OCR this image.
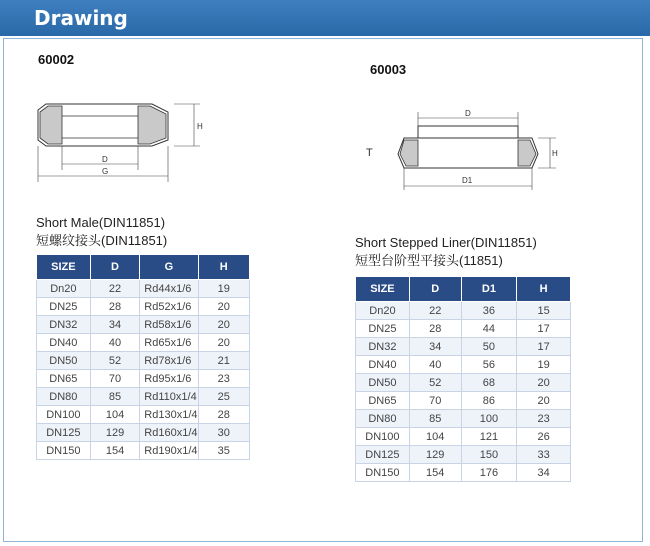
Drawing
60002
D
G
H
Short Male(DIN11851)
短螺纹接头(DIN11851)
SIZE	D	G	H
Dn20	22	Rd44x1/6	19
DN25	28	Rd52x1/6	20
DN32	34	Rd58x1/6	20
DN40	40	Rd65x1/6	20
DN50	52	Rd78x1/6	21
DN65	70	Rd95x1/6	23
DN80	85	Rd110x1/4	25
DN100	104	Rd130x1/4	28
DN125	129	Rd160x1/4	30
DN150	154	Rd190x1/4	35
60003
D
D1
H
T
Short Stepped Liner(DIN11851)
短型台阶型平接头(11851)
SIZE	D	D1	H
Dn20	22	36	15
DN25	28	44	17
DN32	34	50	17
DN40	40	56	19
DN50	52	68	20
DN65	70	86	20
DN80	85	100	23
DN100	104	121	26
DN125	129	150	33
DN150	154	176	34
